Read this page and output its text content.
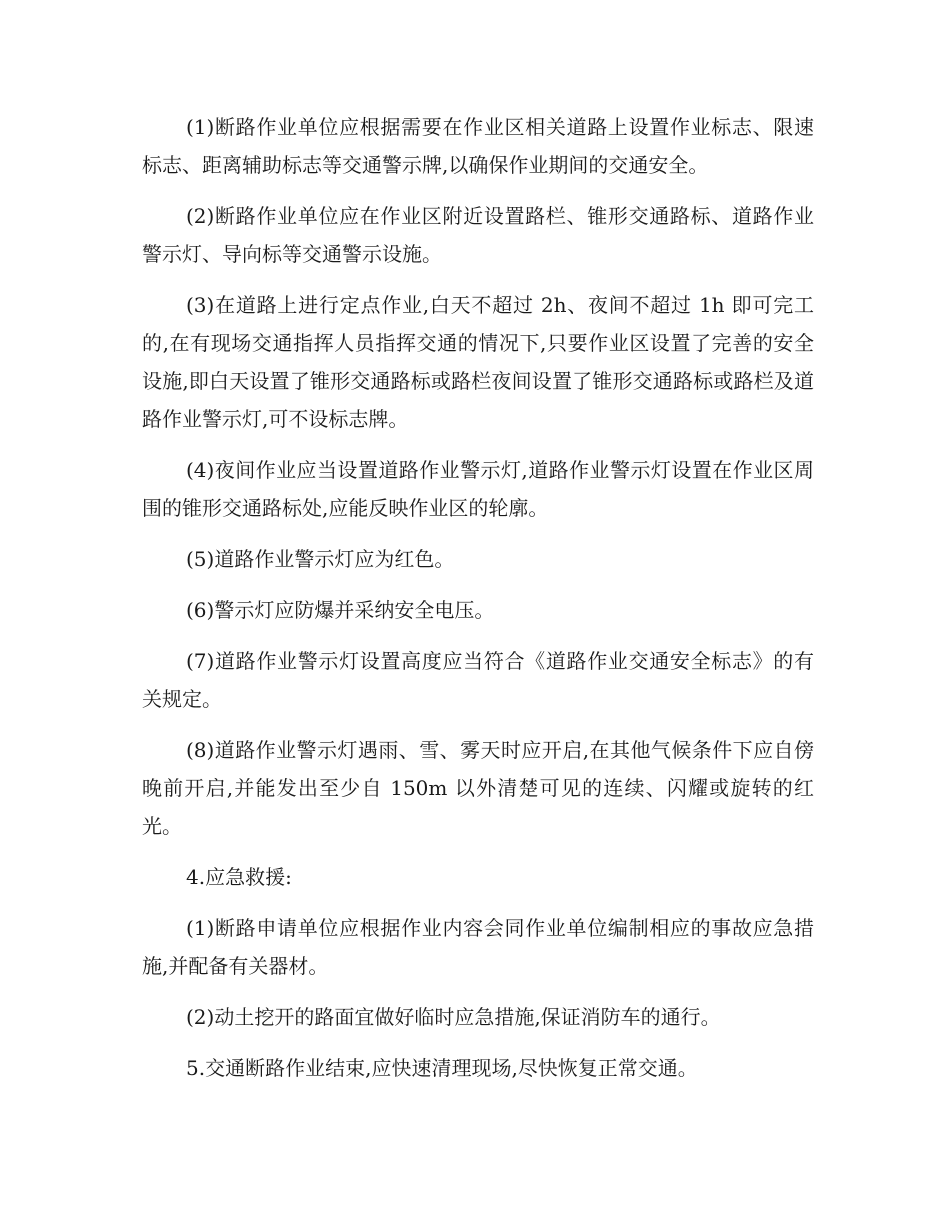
(1)断路作业单位应根据需要在作业区相关道路上设置作业标志、限速标志、距离辅助标志等交通警示牌,以确保作业期间的交通安全。

(2)断路作业单位应在作业区附近设置路栏、锥形交通路标、道路作业警示灯、导向标等交通警示设施。

(3)在道路上进行定点作业,白天不超过 2h、夜间不超过 1h 即可完工的,在有现场交通指挥人员指挥交通的情况下,只要作业区设置了完善的安全设施,即白天设置了锥形交通路标或路栏夜间设置了锥形交通路标或路栏及道路作业警示灯,可不设标志牌。

(4)夜间作业应当设置道路作业警示灯,道路作业警示灯设置在作业区周围的锥形交通路标处,应能反映作业区的轮廓。

(5)道路作业警示灯应为红色。

(6)警示灯应防爆并采纳安全电压。

(7)道路作业警示灯设置高度应当符合《道路作业交通安全标志》的有关规定。

(8)道路作业警示灯遇雨、雪、雾天时应开启,在其他气候条件下应自傍晚前开启,并能发出至少自 150m 以外清楚可见的连续、闪耀或旋转的红光。

4.应急救援:

(1)断路申请单位应根据作业内容会同作业单位编制相应的事故应急措施,并配备有关器材。

(2)动土挖开的路面宜做好临时应急措施,保证消防车的通行。

5.交通断路作业结束,应快速清理现场,尽快恢复正常交通。
